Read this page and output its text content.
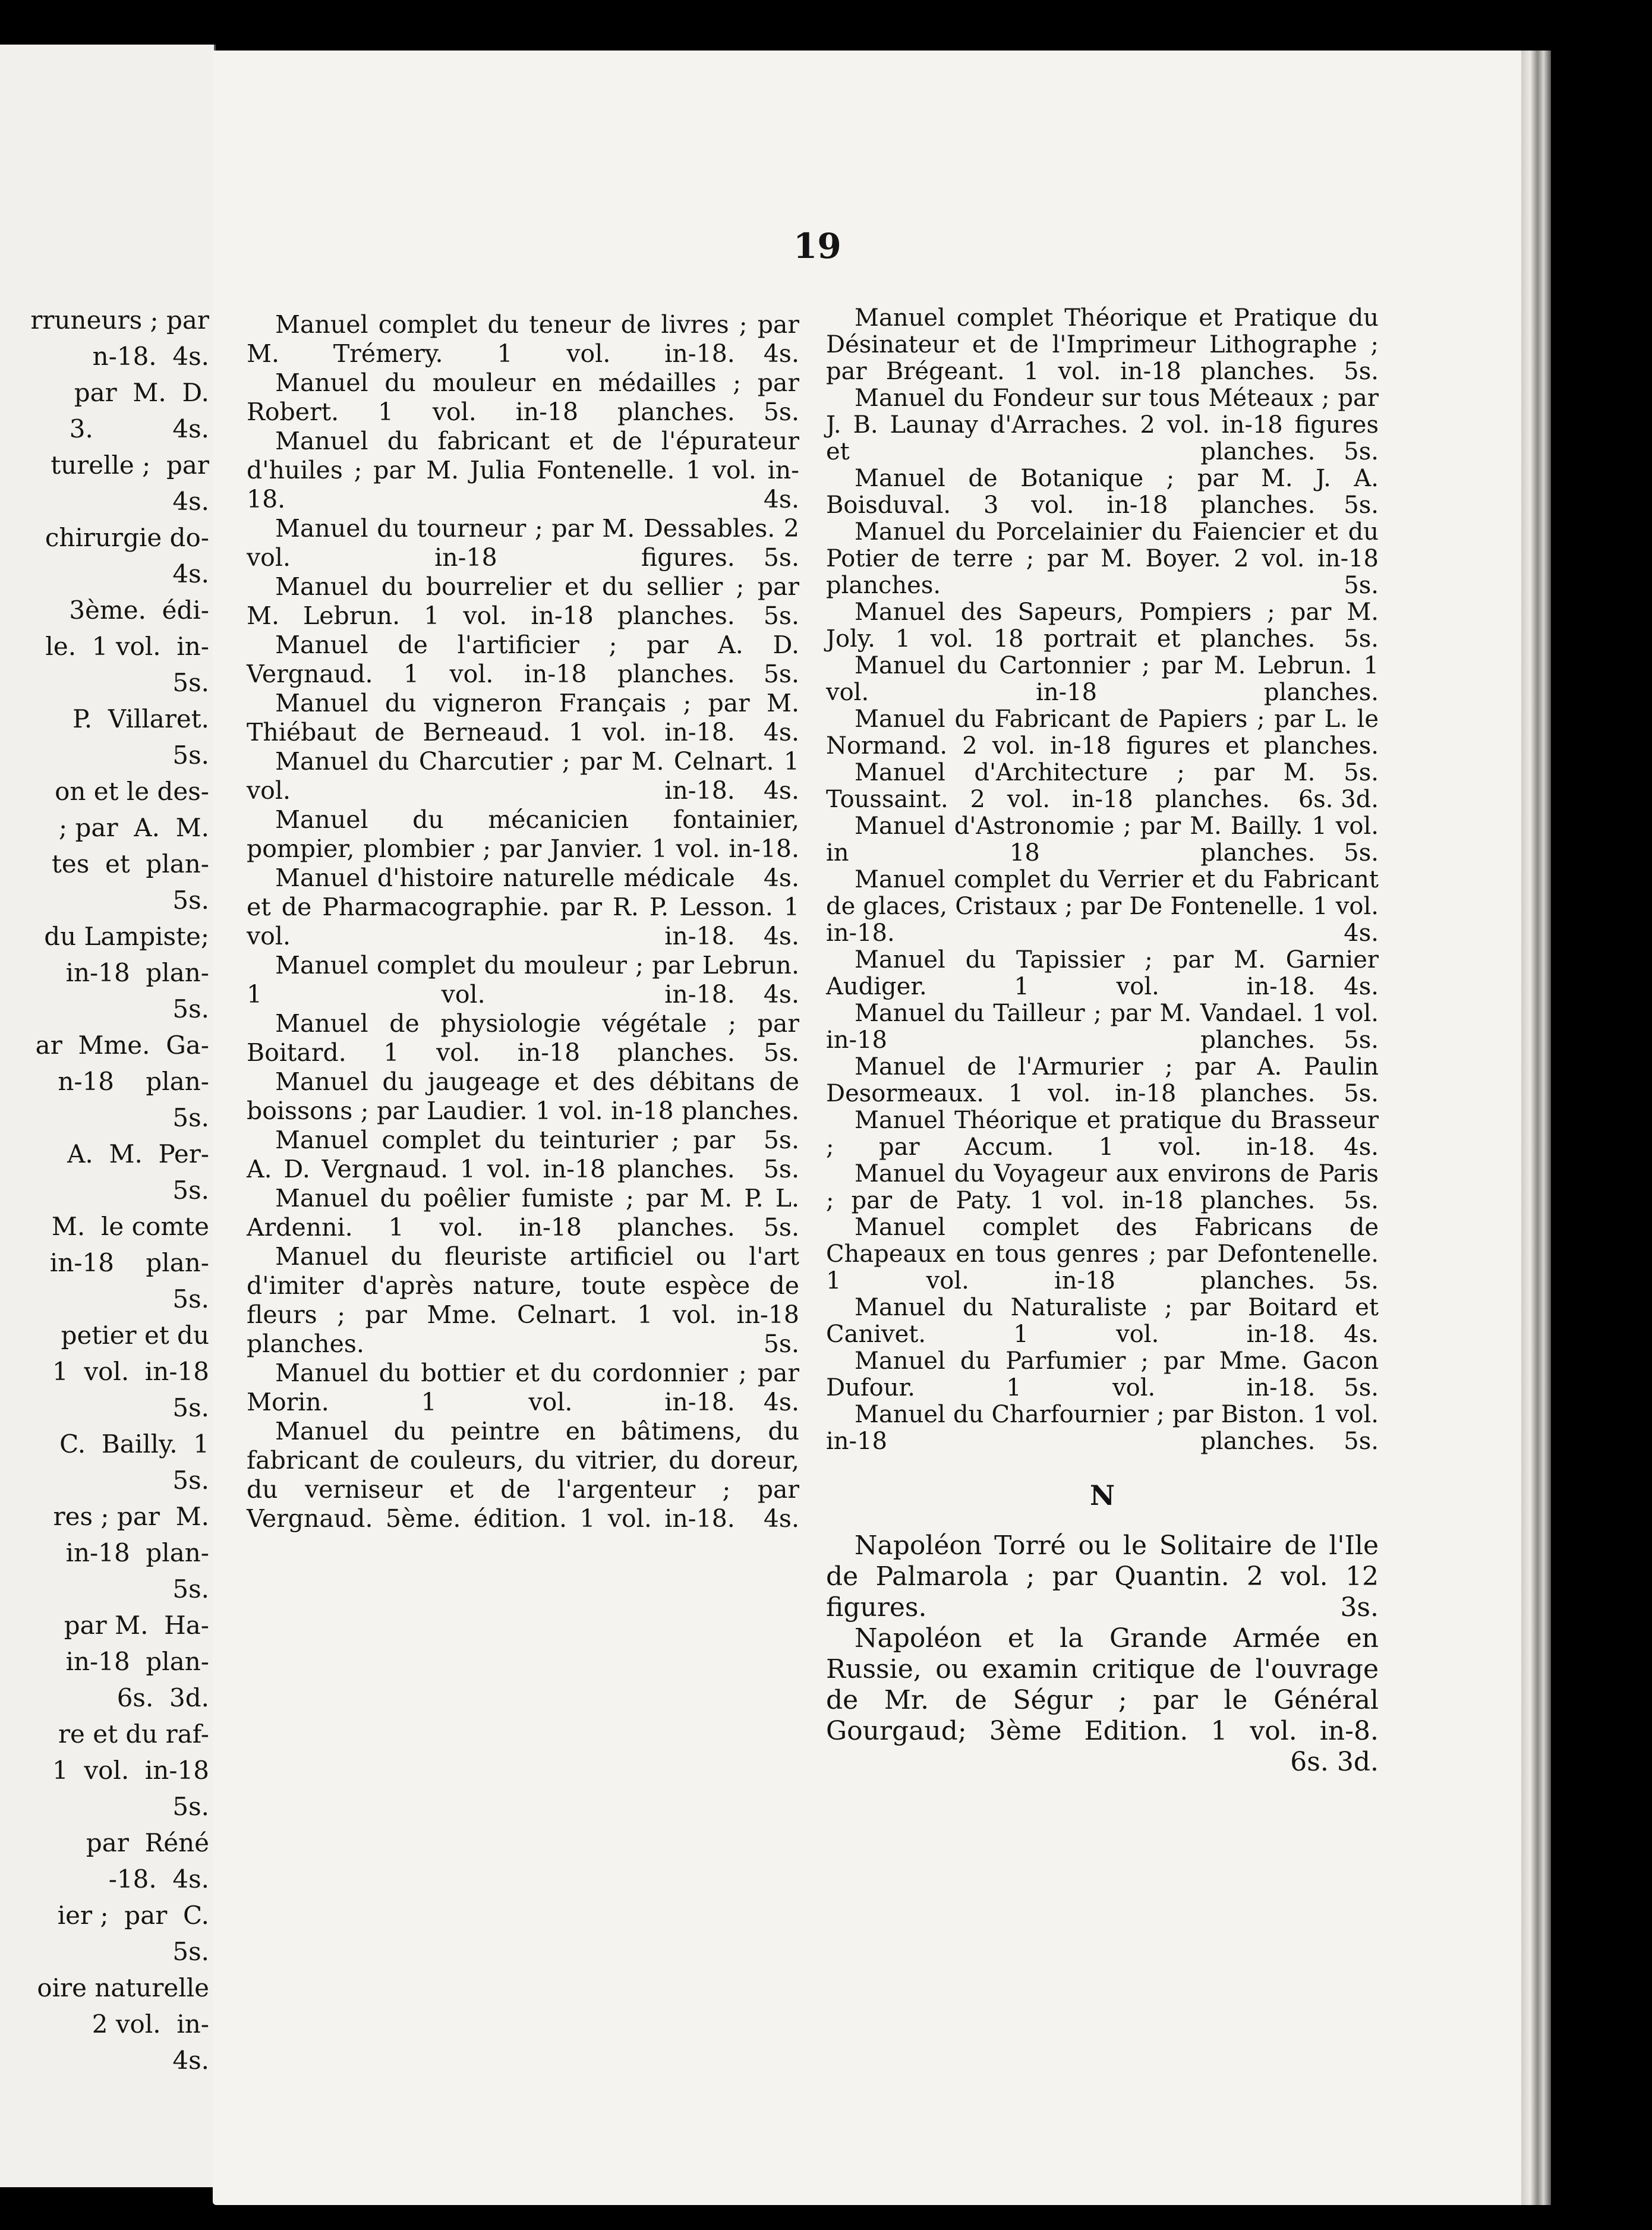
rruneurs ; par
n-18.  4s.
par  M.  D.
3.          4s.
turelle ;  par
4s.
chirurgie do-
4s.
3ème.  édi-
le.  1 vol.  in-
5s.
P.  Villaret.
5s.
on et le des-
; par  A.  M.
tes  et  plan-
5s.
du Lampiste;
in-18  plan-
5s.
ar  Mme.  Ga-
n-18    plan-
5s.
A.  M.  Per-
5s.
M.  le comte
in-18    plan-
5s.
petier et du
1  vol.  in-18
5s.
C.  Bailly.  1
5s.
res ; par  M.
in-18  plan-
5s.
par M.  Ha-
in-18  plan-
6s.  3d.
re et du raf-
1  vol.  in-18
5s.
par  Réné
-18.  4s.
ier ;  par  C.
5s.
oire naturelle
2 vol.  in-
4s.
19

Manuel complet du teneur de livres ; par M. Trémery. 1 vol. in-18.	4s.

Manuel du mouleur en médailles ; par Robert. 1 vol. in-18 planches.	5s.

Manuel du fabricant et de l'épurateur d'huiles ; par M. Julia Fontenelle. 1 vol. in-18.	4s.

Manuel du tourneur ; par M. Dessables. 2 vol. in-18 figures.	5s.

Manuel du bourrelier et du sellier ; par M. Lebrun. 1 vol. in-18 planches.	5s.

Manuel de l'artificier ; par A. D. Vergnaud. 1 vol. in-18 planches.	5s.

Manuel du vigneron Français ; par M. Thiébaut de Berneaud. 1 vol. in-18.	4s.

Manuel du Charcutier ; par M. Celnart. 1 vol. in-18.	4s.

Manuel du mécanicien fontainier, pompier, plombier ; par Janvier. 1 vol. in-18.
4s.

Manuel d'histoire naturelle médicale et de Pharmacographie. par R. P. Lesson. 1 vol. in-18.	4s.

Manuel complet du mouleur ; par Lebrun. 1 vol. in-18.	4s.

Manuel de physiologie végétale ; par Boitard. 1 vol. in-18 planches.	5s.

Manuel du jaugeage et des débitans de boissons ; par Laudier. 1 vol. in-18 planches.
5s.

Manuel complet du teinturier ; par A. D. Vergnaud. 1 vol. in-18 planches.	5s.

Manuel du poêlier fumiste ; par M. P. L. Ardenni. 1 vol. in-18 planches.	5s.

Manuel du fleuriste artificiel ou l'art d'imiter d'après nature, toute espèce de fleurs ; par Mme. Celnart. 1 vol. in-18 planches.	5s.

Manuel du bottier et du cordonnier ; par Morin. 1 vol. in-18.	4s.

Manuel du peintre en bâtimens, du fabricant de couleurs, du vitrier, du doreur, du verniseur et de l'argenteur ; par Vergnaud. 5ème. édition. 1 vol. in-18.	4s.

Manuel complet Théorique et Pratique du Désinateur et de l'Imprimeur Lithographe ; par Brégeant. 1 vol. in-18 planches.	5s.

Manuel du Fondeur sur tous Méteaux ; par J. B. Launay d'Arraches. 2 vol. in-18 figures et planches.	5s.

Manuel de Botanique ; par M. J. A. Boisduval. 3 vol. in-18 planches.	5s.

Manuel du Porcelainier du Faiencier et du Potier de terre ; par M. Boyer. 2 vol. in-18 planches.	5s.

Manuel des Sapeurs, Pompiers ; par M. Joly. 1 vol. 18 portrait et planches.	5s.

Manuel du Cartonnier ; par M. Lebrun. 1 vol. in-18 planches.

Manuel du Fabricant de Papiers ; par L. le Normand. 2 vol. in-18 figures et planches.
5s.

Manuel d'Architecture ; par M. Toussaint. 2 vol. in-18 planches.	6s. 3d.

Manuel d'Astronomie ; par M. Bailly. 1 vol. in 18 planches.	5s.

Manuel complet du Verrier et du Fabricant de glaces, Cristaux ; par De Fontenelle. 1 vol. in-18.	4s.

Manuel du Tapissier ; par M. Garnier Audiger. 1 vol. in-18.	4s.

Manuel du Tailleur ; par M. Vandael. 1 vol. in-18 planches.	5s.

Manuel de l'Armurier ; par A. Paulin Desormeaux. 1 vol. in-18 planches.	5s.

Manuel Théorique et pratique du Brasseur ; par Accum. 1 vol. in-18.	4s.

Manuel du Voyageur aux environs de Paris ; par de Paty. 1 vol. in-18 planches.	5s.

Manuel complet des Fabricans de Chapeaux en tous genres ; par Defontenelle. 1 vol. in-18 planches.	5s.

Manuel du Naturaliste ; par Boitard et Canivet. 1 vol. in-18.	4s.

Manuel du Parfumier ; par Mme. Gacon Dufour. 1 vol. in-18.	5s.

Manuel du Charfournier ; par Biston. 1 vol. in-18 planches.	5s.

N

Napoléon Torré ou le Solitaire de l'Ile de Palmarola ; par Quantin. 2 vol. 12 figures.	3s.

Napoléon et la Grande Armée en Russie, ou examin critique de l'ouvrage de Mr. de Ségur ; par le Général Gourgaud; 3ème Edition. 1 vol. in-8.
6s. 3d.
